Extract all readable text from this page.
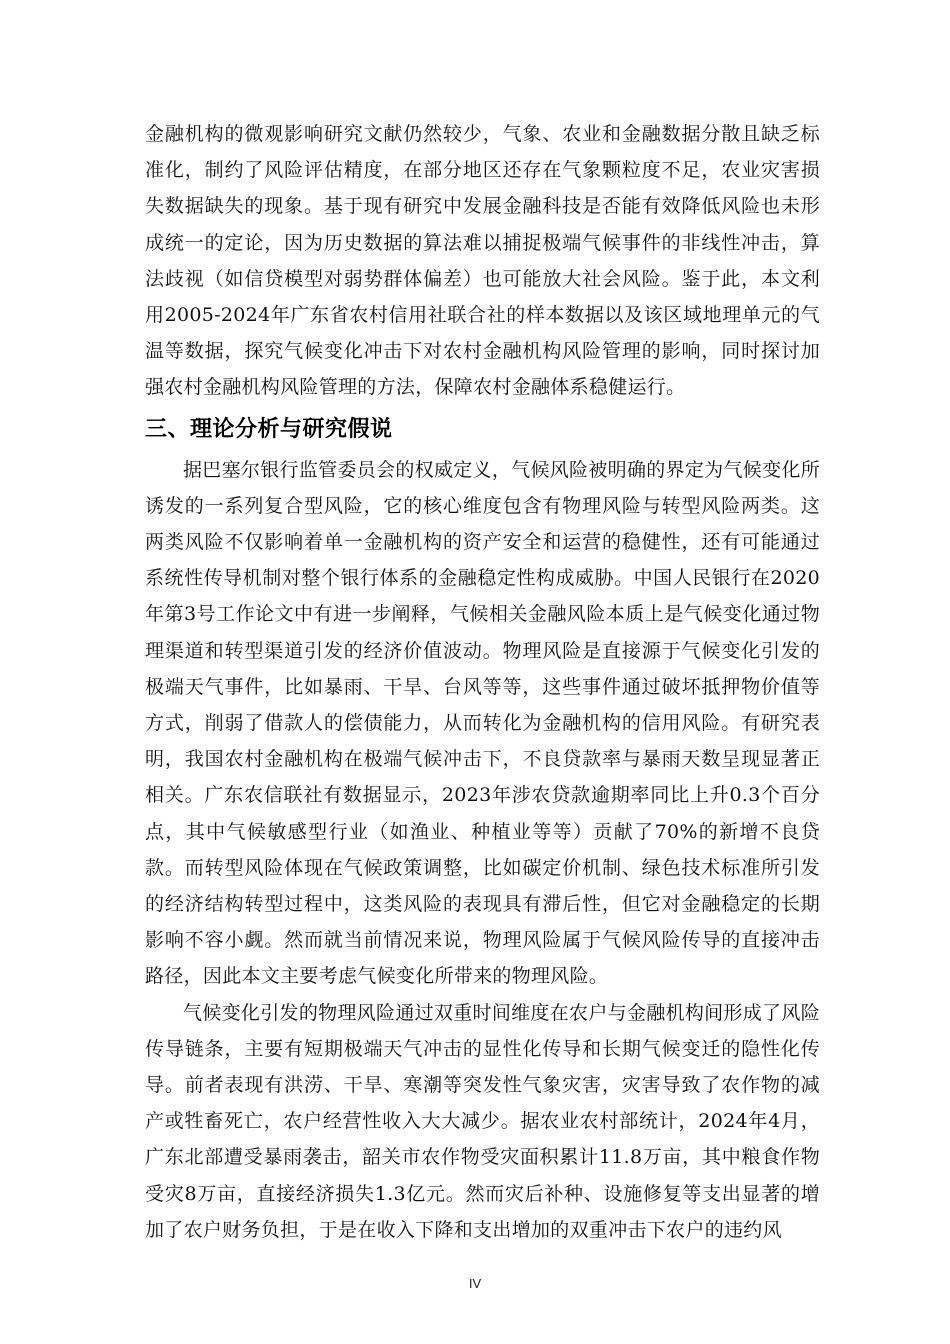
金融机构的微观影响研究文献仍然较少，气象、农业和金融数据分散且缺乏标准化，制约了风险评估精度，在部分地区还存在气象颗粒度不足，农业灾害损失数据缺失的现象。基于现有研究中发展金融科技是否能有效降低风险也未形成统一的定论，因为历史数据的算法难以捕捉极端气候事件的非线性冲击，算法歧视（如信贷模型对弱势群体偏差）也可能放大社会风险。鉴于此，本文利用2005-2024年广东省农村信用社联合社的样本数据以及该区域地理单元的气温等数据，探究气候变化冲击下对农村金融机构风险管理的影响，同时探讨加强农村金融机构风险管理的方法，保障农村金融体系稳健运行。

三、理论分析与研究假说

据巴塞尔银行监管委员会的权威定义，气候风险被明确的界定为气候变化所诱发的一系列复合型风险，它的核心维度包含有物理风险与转型风险两类。这两类风险不仅影响着单一金融机构的资产安全和运营的稳健性，还有可能通过系统性传导机制对整个银行体系的金融稳定性构成威胁。中国人民银行在2020年第3号工作论文中有进一步阐释，气候相关金融风险本质上是气候变化通过物理渠道和转型渠道引发的经济价值波动。物理风险是直接源于气候变化引发的极端天气事件，比如暴雨、干旱、台风等等，这些事件通过破坏抵押物价值等方式，削弱了借款人的偿债能力，从而转化为金融机构的信用风险。有研究表明，我国农村金融机构在极端气候冲击下，不良贷款率与暴雨天数呈现显著正相关。广东农信联社有数据显示，2023年涉农贷款逾期率同比上升0.3个百分点，其中气候敏感型行业（如渔业、种植业等等）贡献了70%的新增不良贷款。而转型风险体现在气候政策调整，比如碳定价机制、绿色技术标准所引发的经济结构转型过程中，这类风险的表现具有滞后性，但它对金融稳定的长期影响不容小觑。然而就当前情况来说，物理风险属于气候风险传导的直接冲击路径，因此本文主要考虑气候变化所带来的物理风险。

气候变化引发的物理风险通过双重时间维度在农户与金融机构间形成了风险传导链条，主要有短期极端天气冲击的显性化传导和长期气候变迁的隐性化传导。前者表现有洪涝、干旱、寒潮等突发性气象灾害，灾害导致了农作物的减产或牲畜死亡，农户经营性收入大大减少。据农业农村部统计，2024年4月，广东北部遭受暴雨袭击，韶关市农作物受灾面积累计11.8万亩，其中粮食作物受灾8万亩，直接经济损失1.3亿元。然而灾后补种、设施修复等支出显著的增加了农户财务负担，于是在收入下降和支出增加的双重冲击下农户的违约风

IV
